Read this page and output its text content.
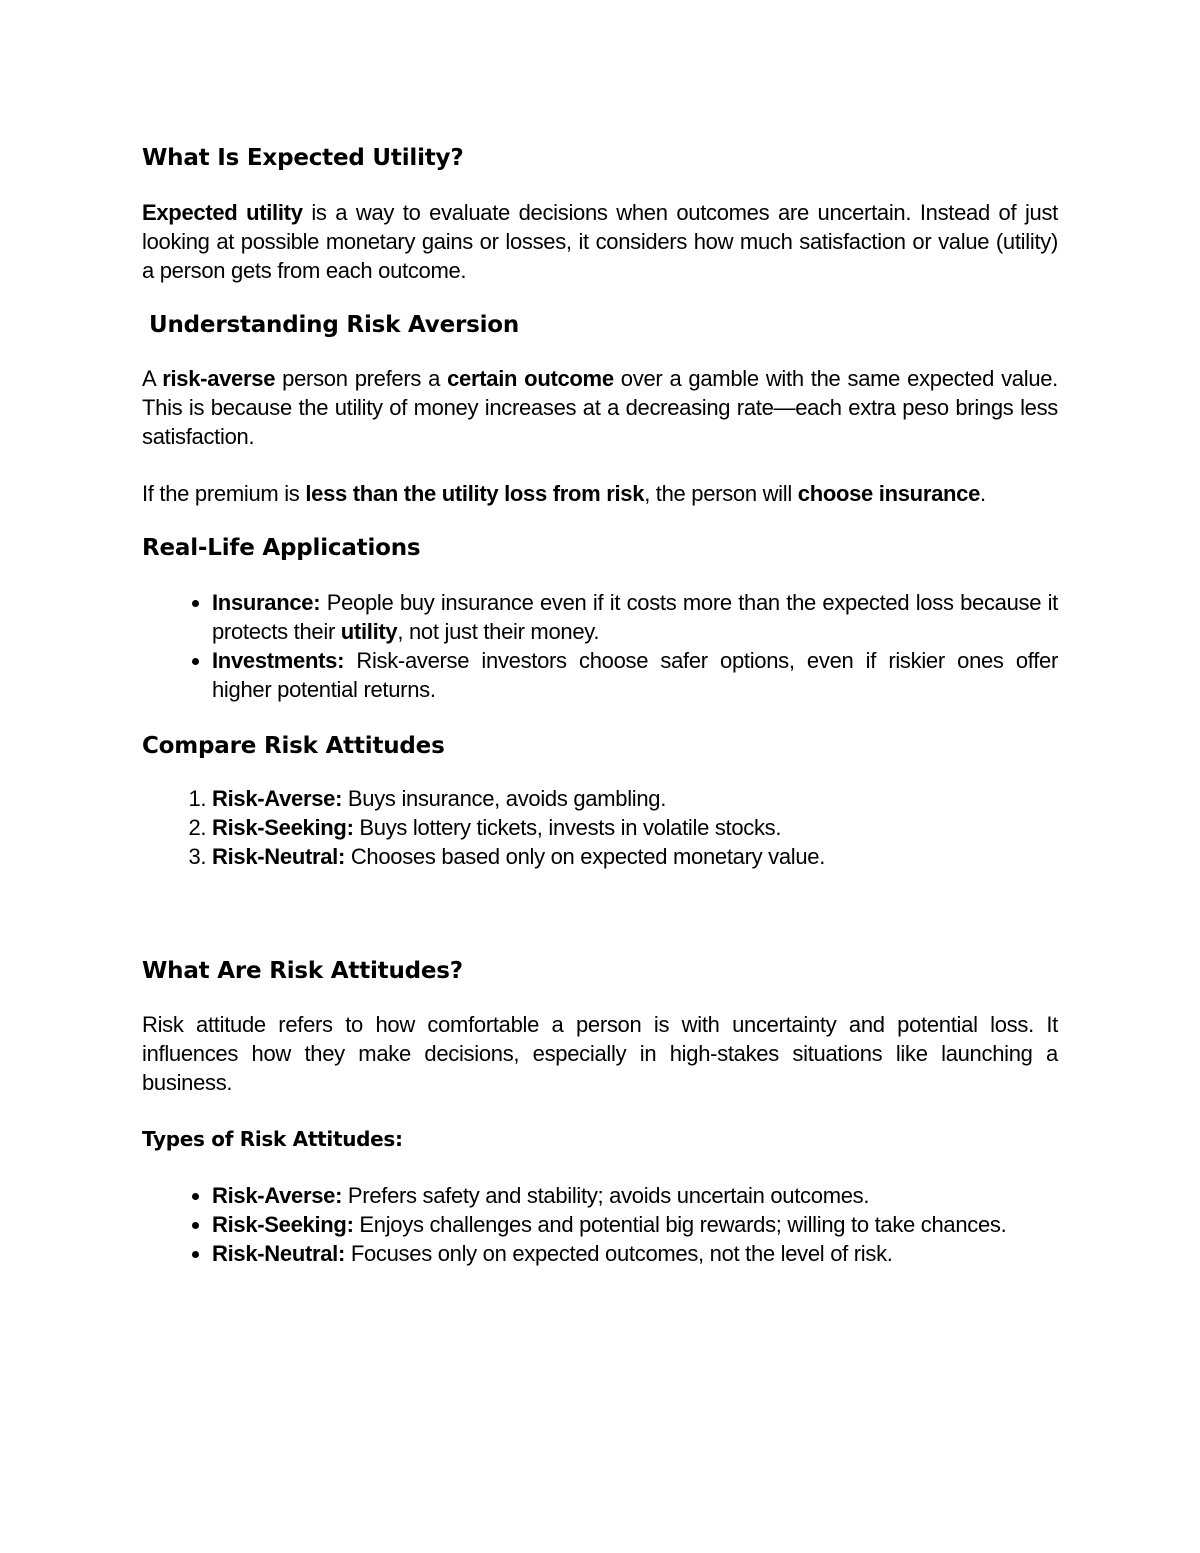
What Is Expected Utility?

Expected utility is a way to evaluate decisions when outcomes are uncertain. Instead of just looking at possible monetary gains or losses, it considers how much satisfaction or value (utility) a person gets from each outcome.

Understanding Risk Aversion

A risk-averse person prefers a certain outcome over a gamble with the same expected value. This is because the utility of money increases at a decreasing rate—each extra peso brings less satisfaction.

If the premium is less than the utility loss from risk, the person will choose insurance.

Real-Life Applications
• Insurance: People buy insurance even if it costs more than the expected loss because it protects their utility, not just their money.
• Investments: Risk-averse investors choose safer options, even if riskier ones offer higher potential returns.
Compare Risk Attitudes
1. Risk-Averse: Buys insurance, avoids gambling.
2. Risk-Seeking: Buys lottery tickets, invests in volatile stocks.
3. Risk-Neutral: Chooses based only on expected monetary value.
What Are Risk Attitudes?

Risk attitude refers to how comfortable a person is with uncertainty and potential loss. It influences how they make decisions, especially in high-stakes situations like launching a business.

Types of Risk Attitudes:

• Risk-Averse: Prefers safety and stability; avoids uncertain outcomes.
• Risk-Seeking: Enjoys challenges and potential big rewards; willing to take chances.
• Risk-Neutral: Focuses only on expected outcomes, not the level of risk.
